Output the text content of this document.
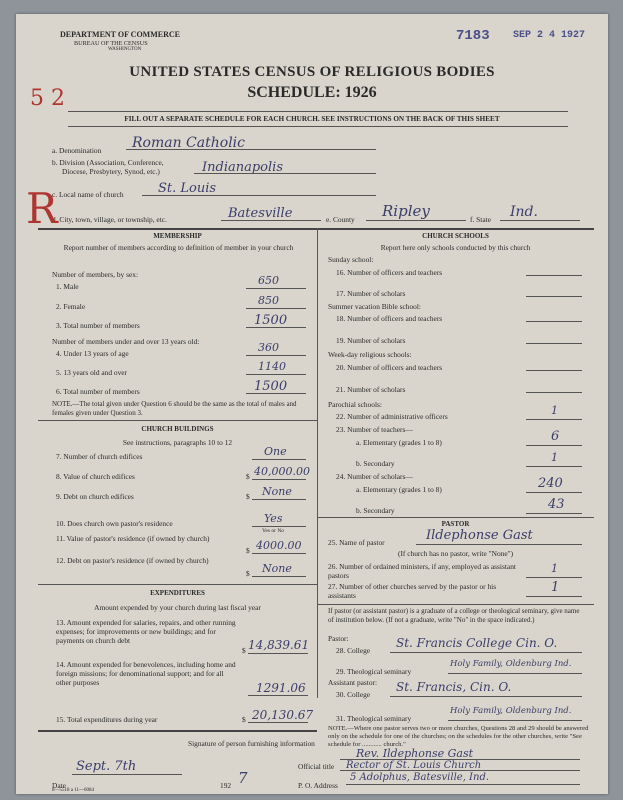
DEPARTMENT OF COMMERCE
BUREAU OF THE CENSUS
WASHINGTON
7183 SEP 2 4 1927
UNITED STATES CENSUS OF RELIGIOUS BODIES
SCHEDULE: 1926
5 2
FILL OUT A SEPARATE SCHEDULE FOR EACH CHURCH. SEE INSTRUCTIONS ON THE BACK OF THIS SHEET
a. Denomination Roman Catholic
b. Division (Association, Conference,
Diocese, Presbytery, Synod, etc.)	Indianapolis
c. Local name of church	St. Louis
d. City, town, village, or township, etc.	Batesville	e. County Ripley	f. State Ind.
R
MEMBERSHIP
Report number of members according to definition of member in your church
Number of members, by sex:
1. Male	650
2. Female	850
3. Total number of members	1500
Number of members under and over 13 years old:
4. Under 13 years of age	360
5. 13 years old and over	1140
6. Total number of members	1500
NOTE.—The total given under Question 6 should be the same as the total of males and females given under Question 3.
CHURCH BUILDINGS
See instructions, paragraphs 10 to 12
7. Number of church edifices	One
8. Value of church edifices	$ 40,000.00
9. Debt on church edifices	$ None
10. Does church own pastor's residence	Yes
Yes or No
11. Value of pastor's residence (if owned by church)
$ 4000.00
12. Debt on pastor's residence (if owned by church)
$ None
EXPENDITURES
Amount expended by your church during last fiscal year
13. Amount expended for salaries, repairs, and other running expenses; for improvements or new buildings; and for payments on church debt
$ 14,839.61
14. Amount expended for benevolences, including home and foreign missions; for denominational support; and for all other purposes	1291.06
15. Total expenditures during year	$ 20,130.67
CHURCH SCHOOLS
Report here only schools conducted by this church
Sunday school:
16. Number of officers and teachers
17. Number of scholars
Summer vacation Bible school:
18. Number of officers and teachers
19. Number of scholars
Week-day religious schools:
20. Number of officers and teachers
21. Number of scholars
Parochial schools:
22. Number of administrative officers	1
23. Number of teachers—
a. Elementary (grades 1 to 8)	6
b. Secondary	1
24. Number of scholars—
a. Elementary (grades 1 to 8)	240
b. Secondary	43
PASTOR
25. Name of pastor	Ildephonse Gast
(If church has no pastor, write "None")
26. Number of ordained ministers, if any, employed as assistant pastors
1
27. Number of other churches served by the pastor or his assistants
1
If pastor (or assistant pastor) is a graduate of a college or theological seminary, give name of institution below. (If not a graduate, write "No" in the space indicated.)
Pastor:
28. College
St. Francis College Cin. O.
29. Theological seminary
Holy Family, Oldenburg Ind.
Assistant pastor:
30. College
St. Francis, Cin. O.
31. Theological seminary
Holy Family, Oldenburg Ind.
NOTE.—Where one pastor serves two or more churches, Questions 28 and 29 should be answered only on the schedule for one of the churches; on the schedules for the other churches, write "See schedule for ............ church."
Signature of person furnishing information
Rev. Ildephonse Gast
Official title Rector of St. Louis Church
Date
Sept. 7th
192 7	P. O. Address
5 Adolphus, Batesville, Ind.
8—5518 a 11—6084
